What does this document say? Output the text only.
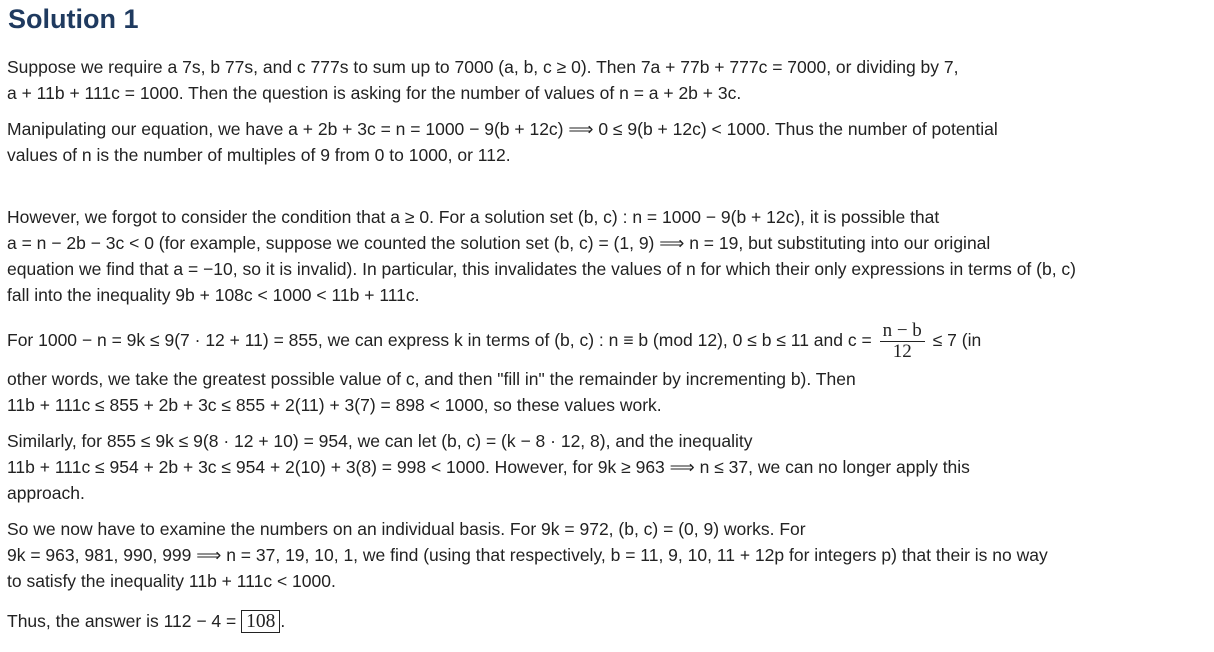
Solution 1
Suppose we require a 7s, b 77s, and c 777s to sum up to 7000 (a, b, c ≥ 0). Then 7a + 77b + 777c = 7000, or dividing by 7,
a + 11b + 111c = 1000. Then the question is asking for the number of values of n = a + 2b + 3c.
Manipulating our equation, we have a + 2b + 3c = n = 1000 − 9(b + 12c) ⟹ 0 ≤ 9(b + 12c) < 1000. Thus the number of potential
values of n is the number of multiples of 9 from 0 to 1000, or 112.
However, we forgot to consider the condition that a ≥ 0. For a solution set (b, c) : n = 1000 − 9(b + 12c), it is possible that
a = n − 2b − 3c < 0 (for example, suppose we counted the solution set (b, c) = (1, 9) ⟹ n = 19, but substituting into our original
equation we find that a = −10, so it is invalid). In particular, this invalidates the values of n for which their only expressions in terms of (b, c)
fall into the inequality 9b + 108c < 1000 < 11b + 111c.
For 1000 − n = 9k ≤ 9(7 · 12 + 11) = 855, we can express k in terms of (b, c) : n ≡ b (mod 12), 0 ≤ b ≤ 11 and $c = \frac{n - b}{12} \le 7$ (in
other words, we take the greatest possible value of c, and then "fill in" the remainder by incrementing b). Then
11b + 111c ≤ 855 + 2b + 3c ≤ 855 + 2(11) + 3(7) = 898 < 1000, so these values work.
Similarly, for 855 ≤ 9k ≤ 9(8 · 12 + 10) = 954, we can let (b, c) = (k − 8 · 12, 8), and the inequality
11b + 111c ≤ 954 + 2b + 3c ≤ 954 + 2(10) + 3(8) = 998 < 1000. However, for 9k ≥ 963 ⟹ n ≤ 37, we can no longer apply this
approach.
So we now have to examine the numbers on an individual basis. For 9k = 972, (b, c) = (0, 9) works. For
9k = 963, 981, 990, 999 ⟹ n = 37, 19, 10, 1, we find (using that respectively, b = 11, 9, 10, 11 + 12p for integers p) that their is no way
to satisfy the inequality 11b + 111c < 1000.
Thus, the answer is 112 − 4 = 108 .
